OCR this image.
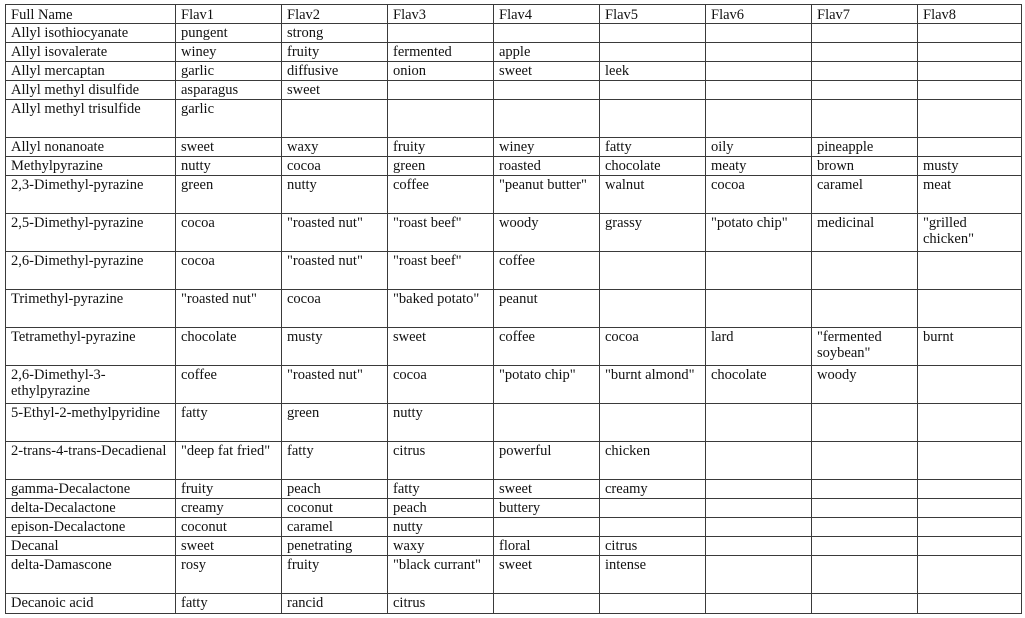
Full Name	Flav1	Flav2	Flav3	Flav4	Flav5	Flav6	Flav7	Flav8
Allyl isothiocyanate	pungent	strong						
Allyl isovalerate	winey	fruity	fermented	apple				
Allyl mercaptan	garlic	diffusive	onion	sweet	leek			
Allyl methyl disulfide	asparagus	sweet						
Allyl methyl trisulfide	garlic							
Allyl nonanoate	sweet	waxy	fruity	winey	fatty	oily	pineapple	
Methylpyrazine	nutty	cocoa	green	roasted	chocolate	meaty	brown	musty
2,3-Dimethyl-pyrazine	green	nutty	coffee	"peanut butter"	walnut	cocoa	caramel	meat
2,5-Dimethyl-pyrazine	cocoa	"roasted nut"	"roast beef"	woody	grassy	"potato chip"	medicinal	"grilled chicken"
2,6-Dimethyl-pyrazine	cocoa	"roasted nut"	"roast beef"	coffee				
Trimethyl-pyrazine	"roasted nut"	cocoa	"baked potato"	peanut				
Tetramethyl-pyrazine	chocolate	musty	sweet	coffee	cocoa	lard	"fermented soybean"	burnt
2,6-Dimethyl-3-ethylpyrazine	coffee	"roasted nut"	cocoa	"potato chip"	"burnt almond"	chocolate	woody	
5-Ethyl-2-methylpyridine	fatty	green	nutty					
2-trans-4-trans-Decadienal	"deep fat fried"	fatty	citrus	powerful	chicken			
gamma-Decalactone	fruity	peach	fatty	sweet	creamy			
delta-Decalactone	creamy	coconut	peach	buttery				
epison-Decalactone	coconut	caramel	nutty					
Decanal	sweet	penetrating	waxy	floral	citrus			
delta-Damascone	rosy	fruity	"black currant"	sweet	intense			
Decanoic acid	fatty	rancid	citrus					
